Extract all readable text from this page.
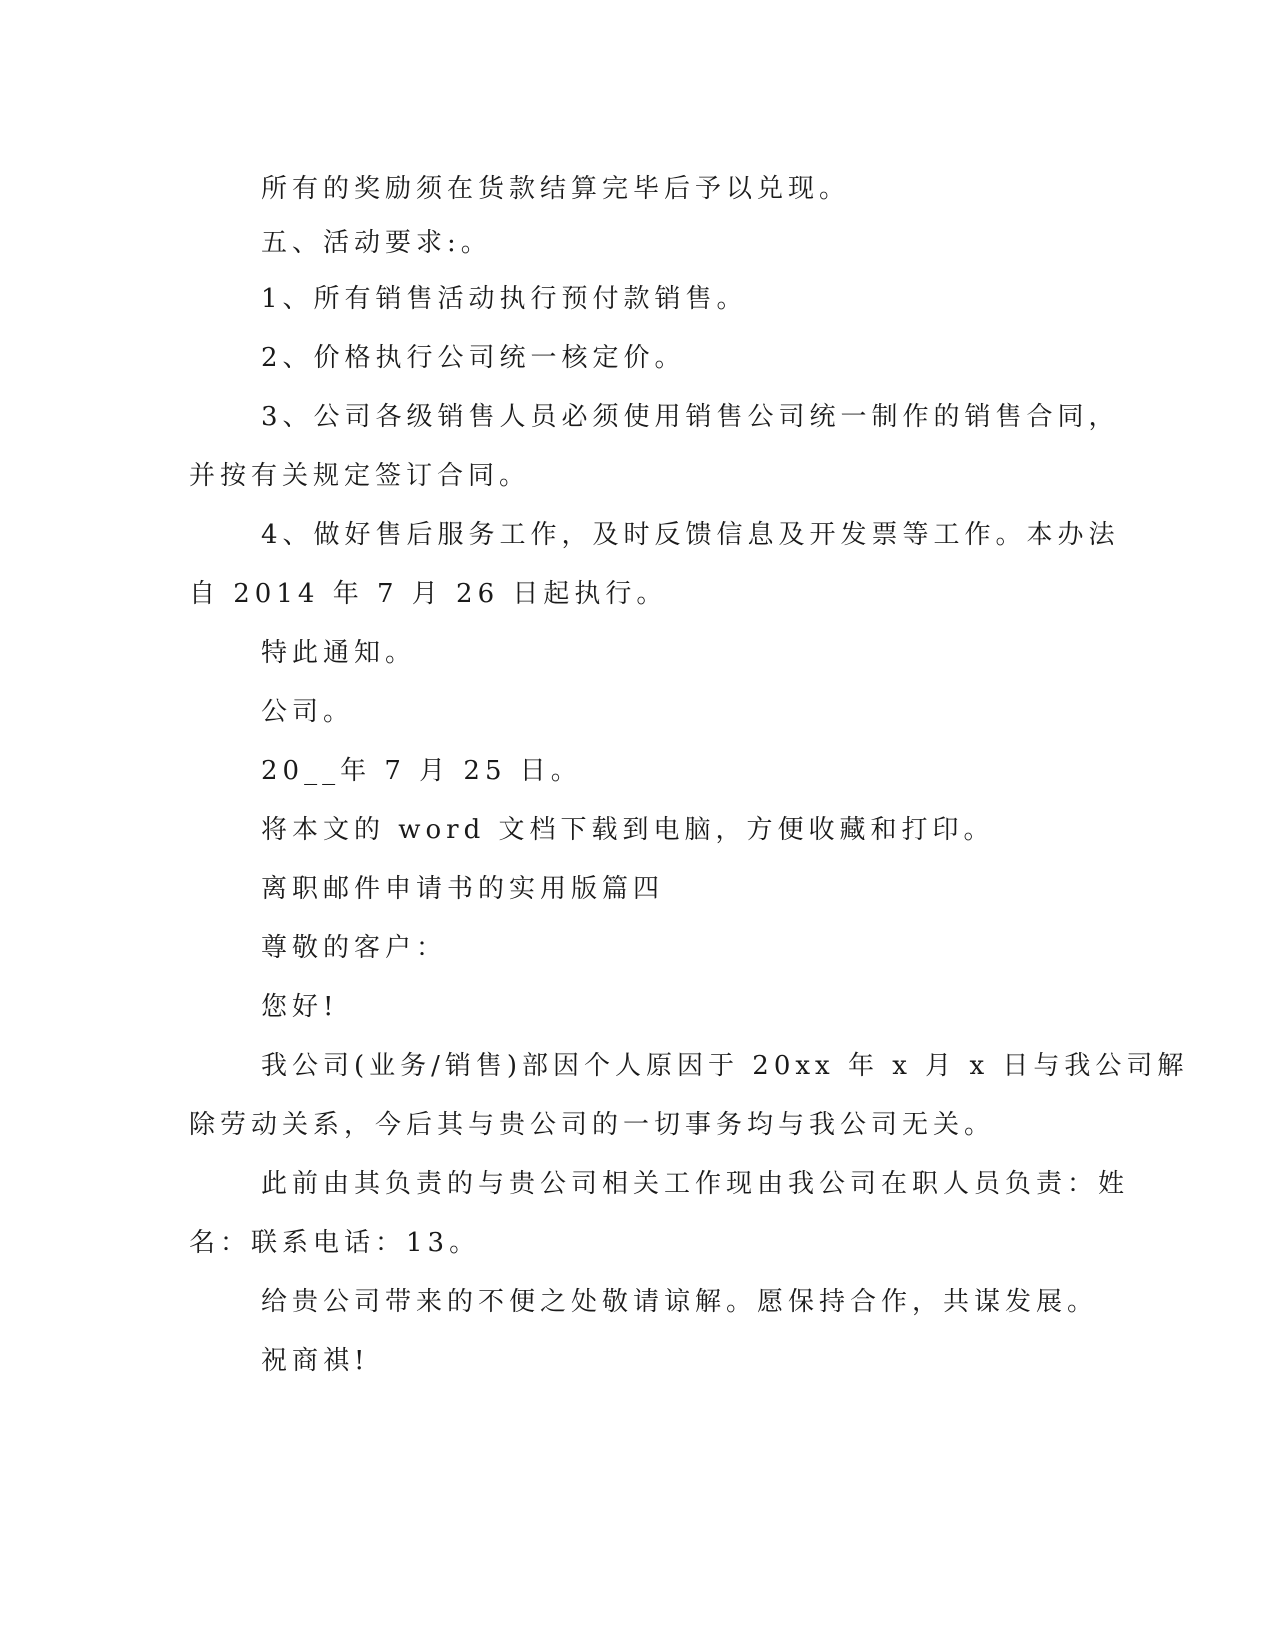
所有的奖励须在货款结算完毕后予以兑现。
五、活动要求:。
1、所有销售活动执行预付款销售。
2、价格执行公司统一核定价。
3、公司各级销售人员必须使用销售公司统一制作的销售合同，
并按有关规定签订合同。
4、做好售后服务工作，及时反馈信息及开发票等工作。本办法
自 2014 年 7 月 26 日起执行。
特此通知。
公司。
20__年 7 月 25 日。
将本文的 word 文档下载到电脑，方便收藏和打印。
离职邮件申请书的实用版篇四
尊敬的客户：
您好!
我公司(业务/销售)部因个人原因于 20xx 年 x 月 x 日与我公司解
除劳动关系，今后其与贵公司的一切事务均与我公司无关。
此前由其负责的与贵公司相关工作现由我公司在职人员负责：姓
名：联系电话：13。
给贵公司带来的不便之处敬请谅解。愿保持合作，共谋发展。
祝商祺!
